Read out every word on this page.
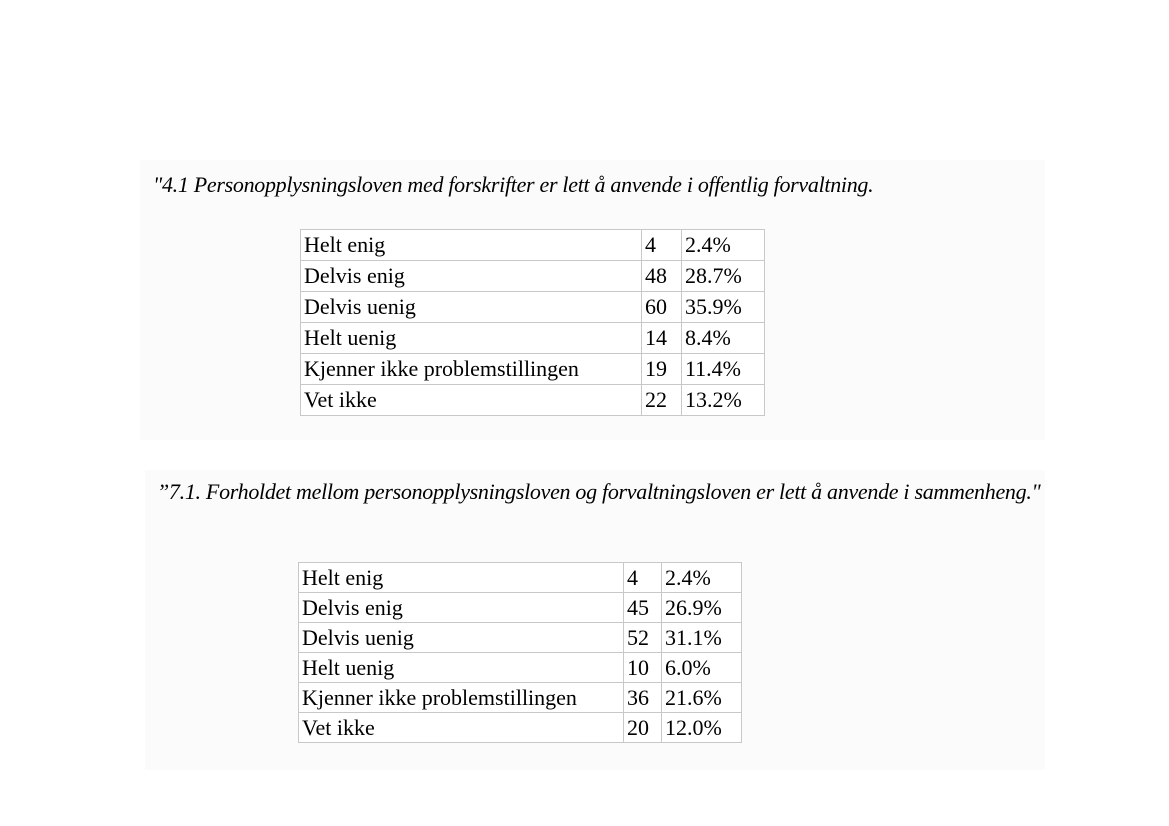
"4.1 Personopplysningsloven med forskrifter er lett å anvende i offentlig forvaltning.

Helt enig	4	2.4%
Delvis enig	48	28.7%
Delvis uenig	60	35.9%
Helt uenig	14	8.4%
Kjenner ikke problemstillingen	19	11.4%
Vet ikke	22	13.2%

”7.1. Forholdet mellom personopplysningsloven og forvaltningsloven er lett å anvende i sammenheng."

Helt enig	4	2.4%
Delvis enig	45	26.9%
Delvis uenig	52	31.1%
Helt uenig	10	6.0%
Kjenner ikke problemstillingen	36	21.6%
Vet ikke	20	12.0%
